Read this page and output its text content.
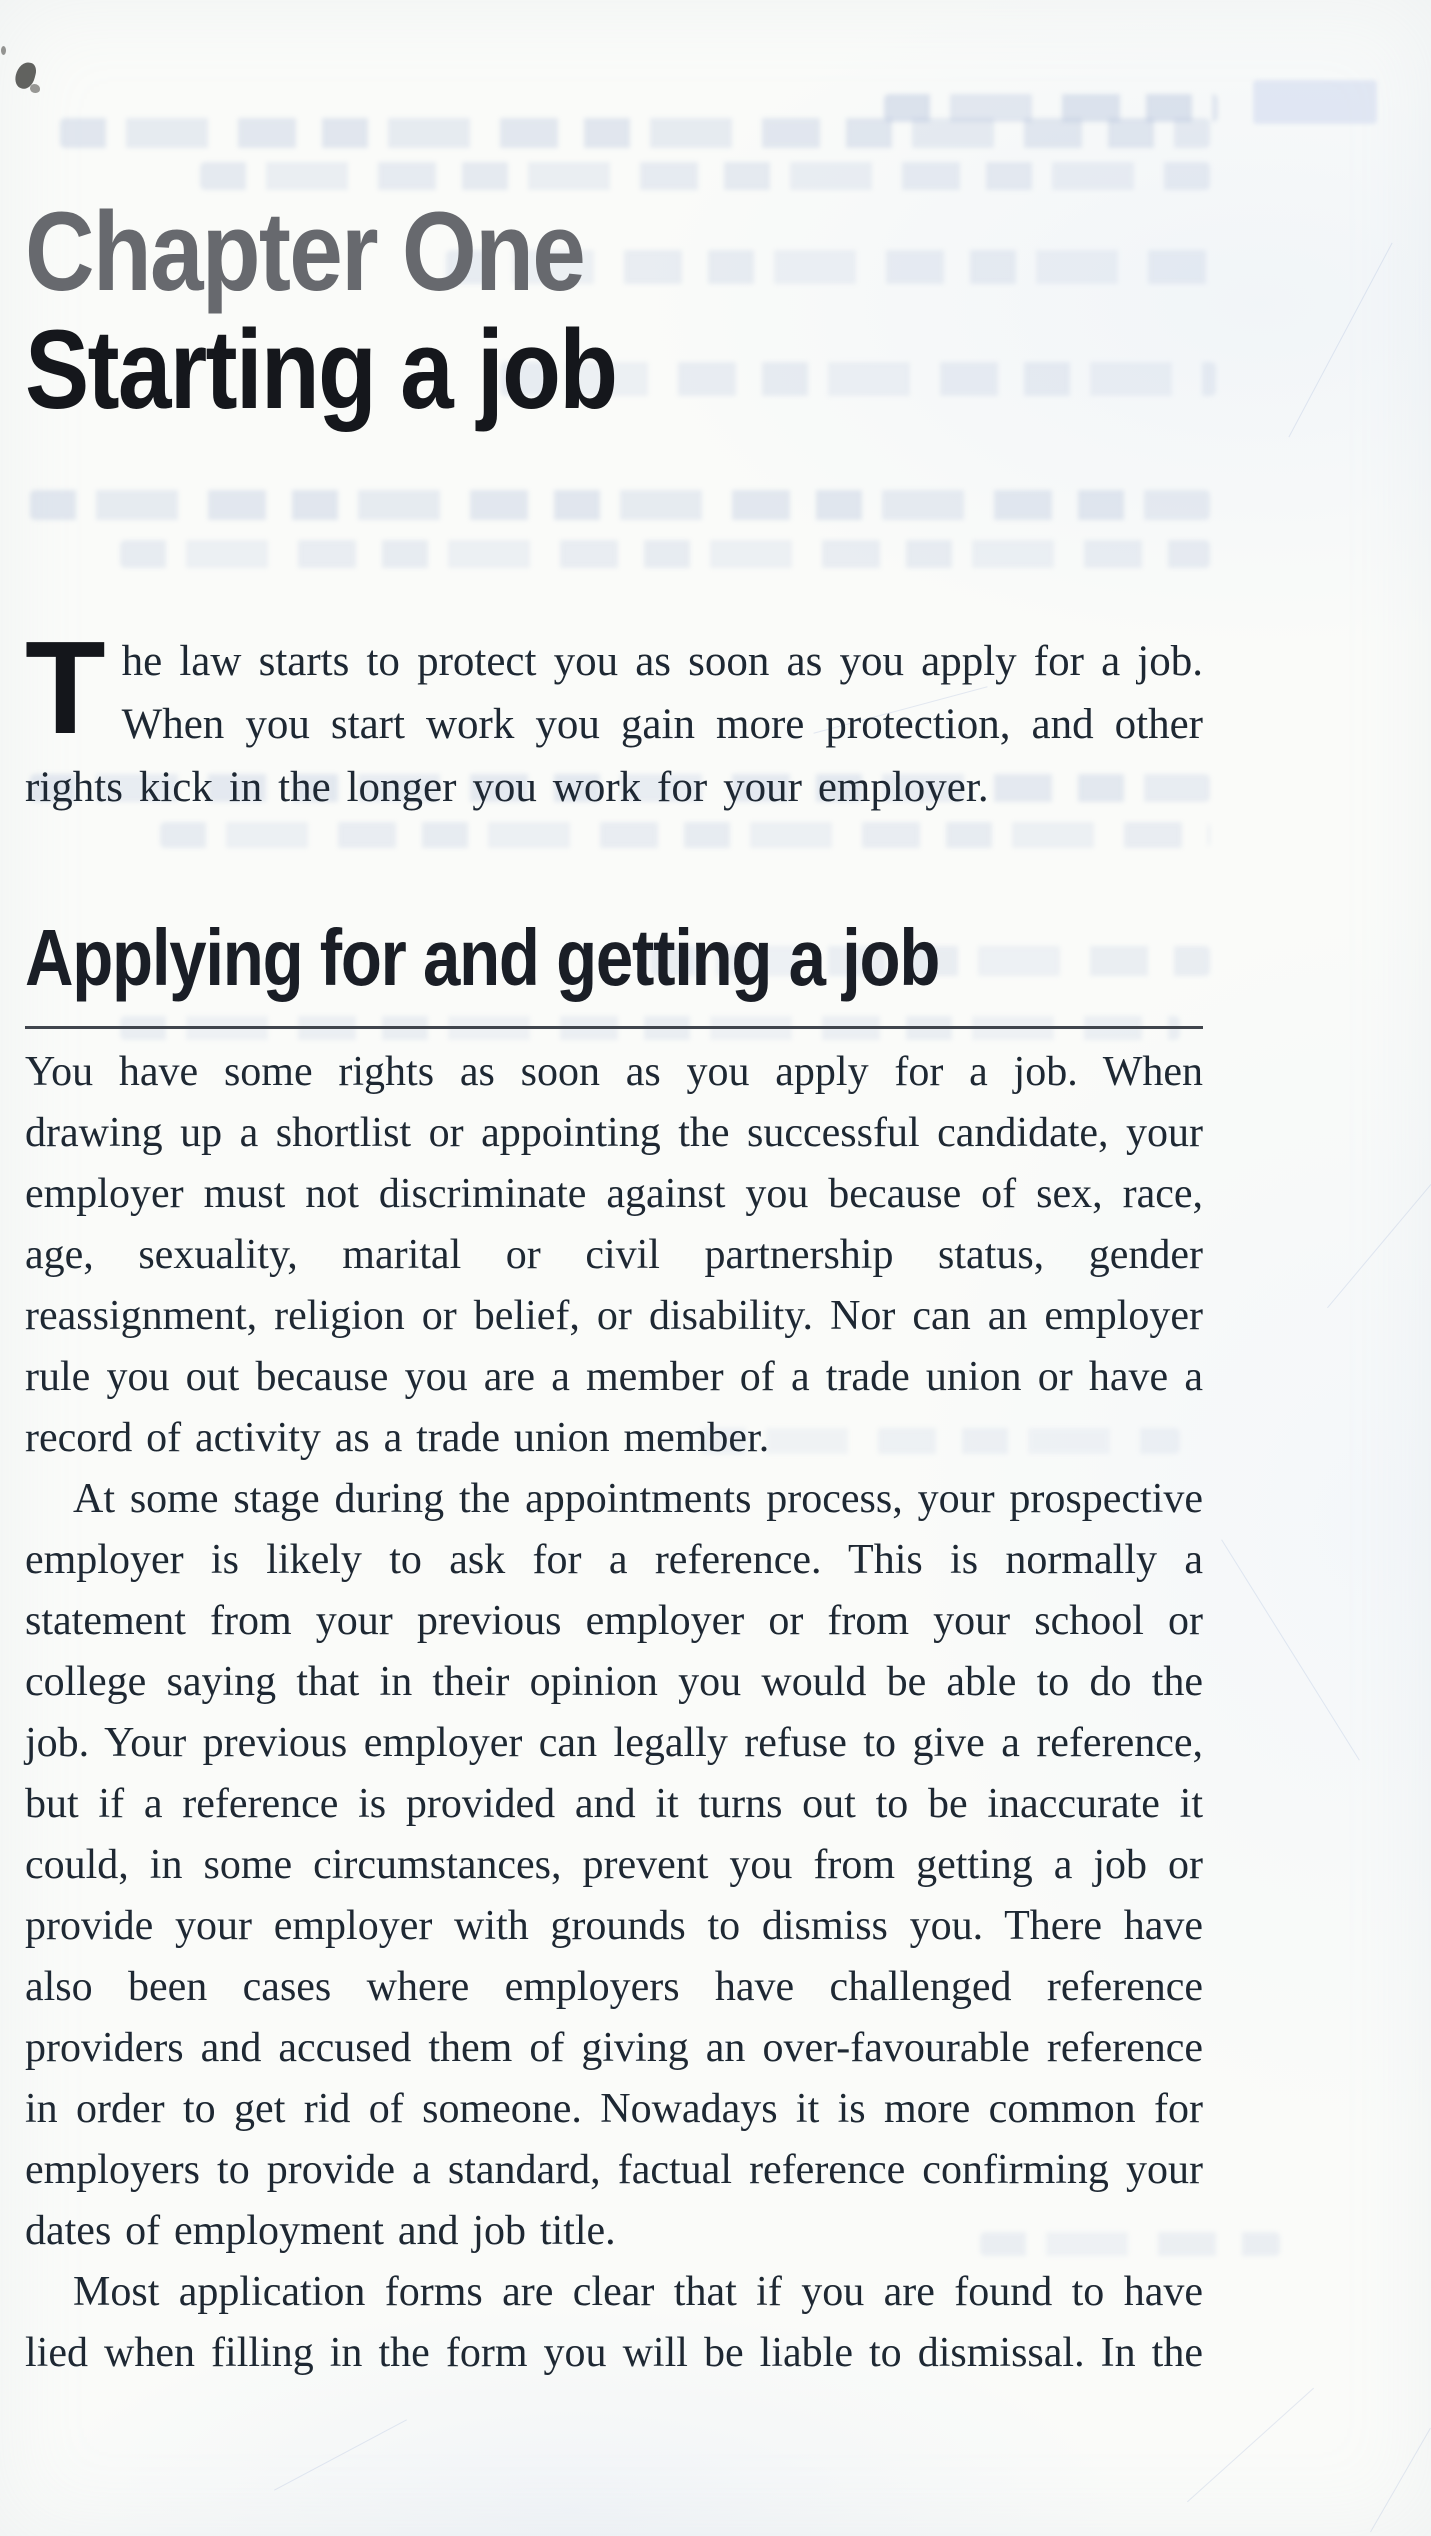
Chapter One
Starting a job

The law starts to protect you as soon as you apply for a job. When you start work you gain more protection, and other rights kick in the longer you work for your employer.

Applying for and getting a job

You have some rights as soon as you apply for a job. When drawing up a shortlist or appointing the successful candidate, your employer must not discriminate against you because of sex, race, age, sexuality, marital or civil partnership status, gender reassignment, religion or belief, or disability. Nor can an employer rule you out because you are a member of a trade union or have a record of activity as a trade union member.

At some stage during the appointments process, your prospective employer is likely to ask for a reference. This is normally a statement from your previous employer or from your school or college saying that in their opinion you would be able to do the job. Your previous employer can legally refuse to give a reference, but if a reference is provided and it turns out to be inaccurate it could, in some circumstances, prevent you from getting a job or provide your employer with grounds to dismiss you. There have also been cases where employers have challenged reference providers and accused them of giving an over-favourable reference in order to get rid of someone. Nowadays it is more common for employers to provide a standard, factual reference confirming your dates of employment and job title.

Most application forms are clear that if you are found to have lied when filling in the form you will be liable to dismissal. In the
